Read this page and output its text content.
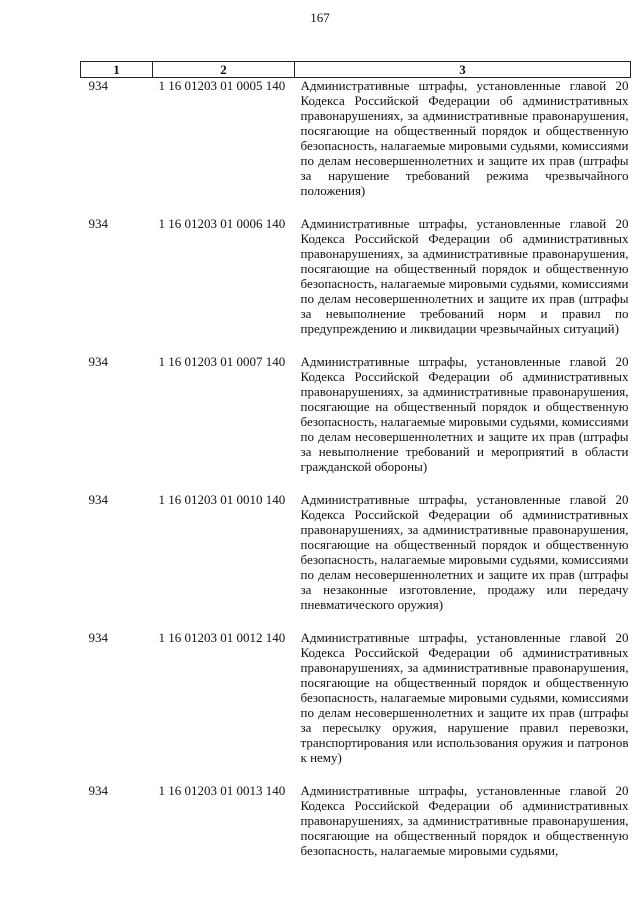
167
1	2	3
934	1 16 01203 01 0005 140	Административные штрафы, установленные главой 20 Кодекса Российской Федерации об административных правонарушениях, за административные правонарушения, посягающие на общественный порядок и общественную безопасность, налагаемые мировыми судьями, комиссиями по делам несовершеннолетних и защите их прав (штрафы за нарушение требований режима чрезвычайного положения)

934	1 16 01203 01 0006 140	Административные штрафы, установленные главой 20 Кодекса Российской Федерации об административных правонарушениях, за административные правонарушения, посягающие на общественный порядок и общественную безопасность, налагаемые мировыми судьями, комиссиями по делам несовершеннолетних и защите их прав (штрафы за невыполнение требований норм и правил по предупреждению и ликвидации чрезвычайных ситуаций)

934	1 16 01203 01 0007 140	Административные штрафы, установленные главой 20 Кодекса Российской Федерации об административных правонарушениях, за административные правонарушения, посягающие на общественный порядок и общественную безопасность, налагаемые мировыми судьями, комиссиями по делам несовершеннолетних и защите их прав (штрафы за невыполнение требований и мероприятий в области гражданской обороны)

934	1 16 01203 01 0010 140	Административные штрафы, установленные главой 20 Кодекса Российской Федерации об административных правонарушениях, за административные правонарушения, посягающие на общественный порядок и общественную безопасность, налагаемые мировыми судьями, комиссиями по делам несовершеннолетних и защите их прав (штрафы за незаконные изготовление, продажу или передачу пневматического оружия)

934	1 16 01203 01 0012 140	Административные штрафы, установленные главой 20 Кодекса Российской Федерации об административных правонарушениях, за административные правонарушения, посягающие на общественный порядок и общественную безопасность, налагаемые мировыми судьями, комиссиями по делам несовершеннолетних и защите их прав (штрафы за пересылку оружия, нарушение правил перевозки, транспортирования или использования оружия и патронов к нему)

934	1 16 01203 01 0013 140	Административные штрафы, установленные главой 20 Кодекса Российской Федерации об административных правонарушениях, за административные правонарушения, посягающие на общественный порядок и общественную безопасность, налагаемые мировыми судьями,
